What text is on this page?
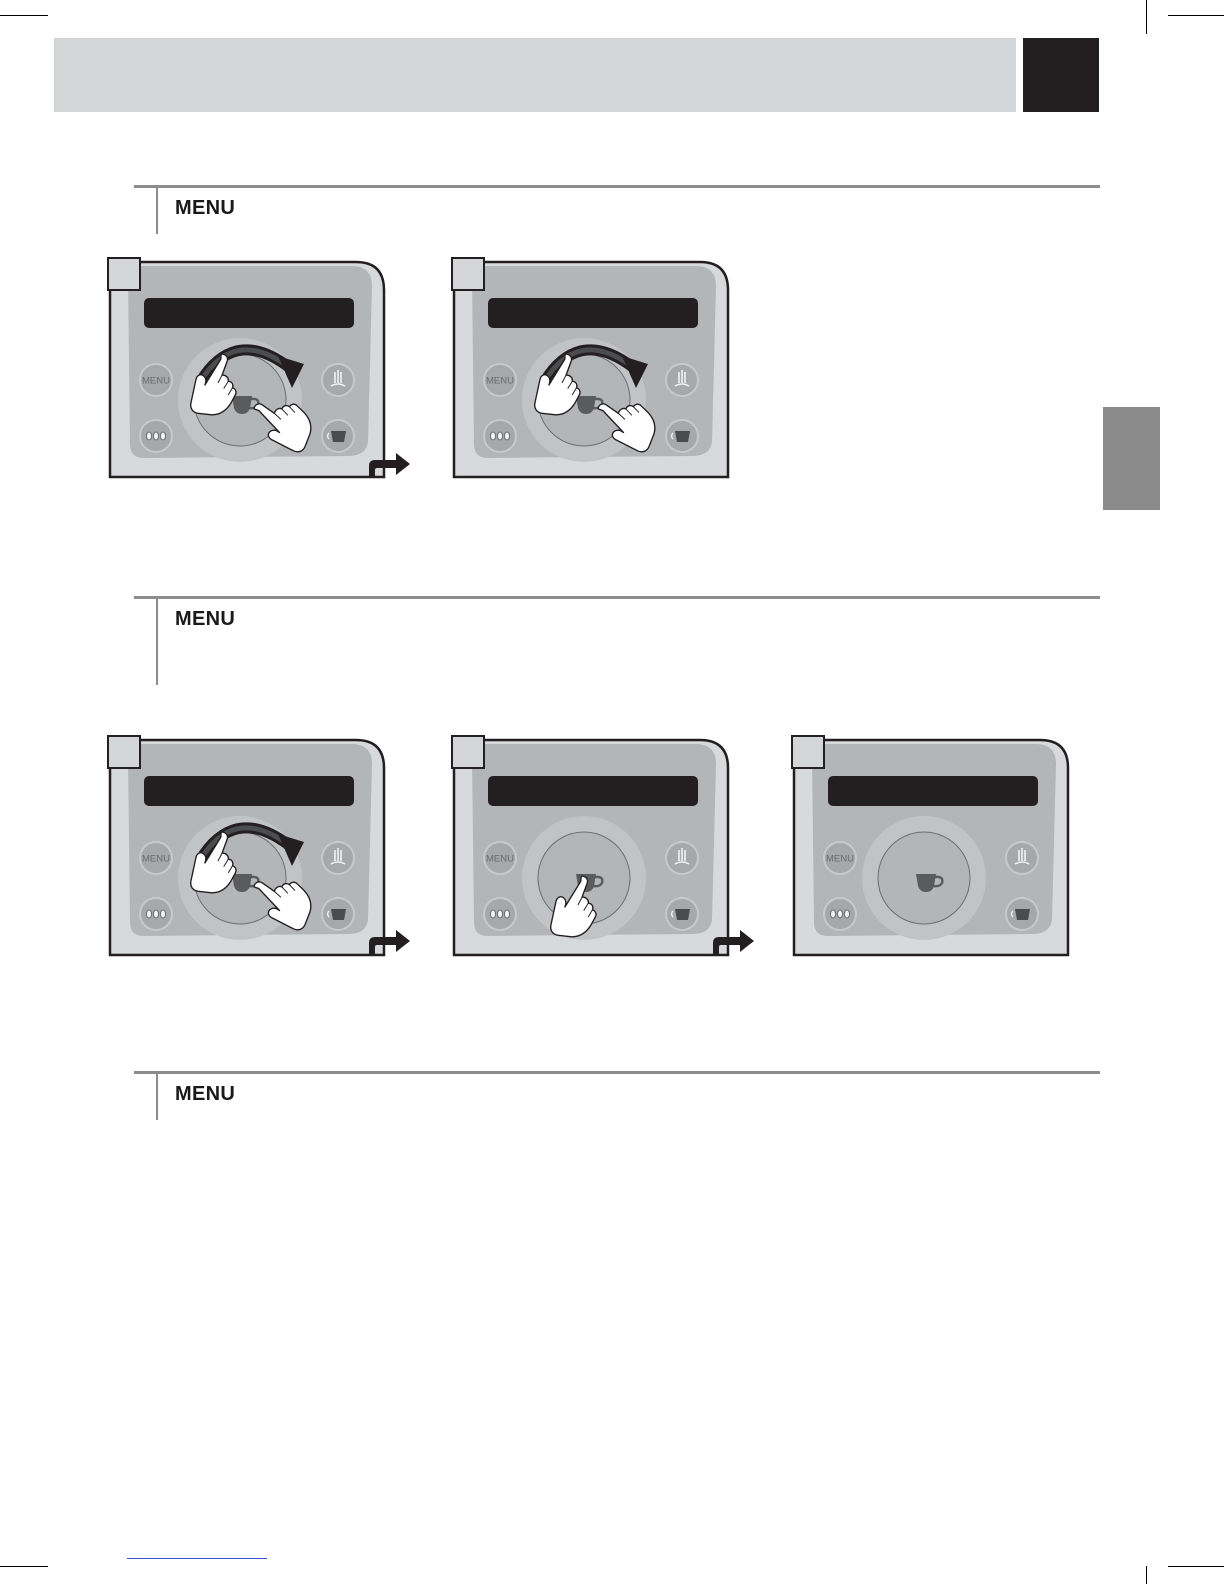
MENU
MENU
MENU
MENU	MENU
MENU	MENU	MENU
